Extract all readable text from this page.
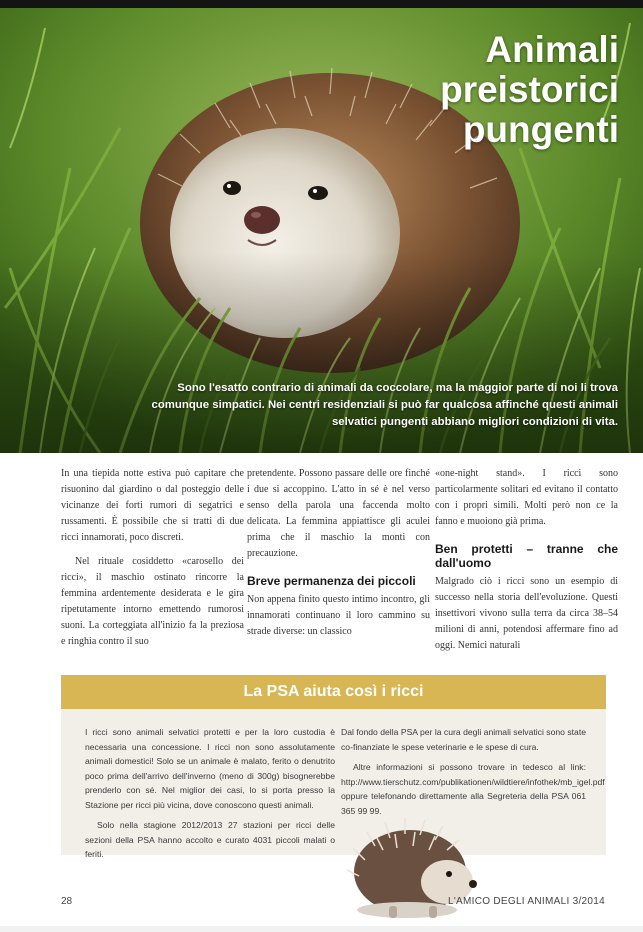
Animali
preistorici
pungenti
Sono l'esatto contrario di animali da coccolare, ma la maggior parte di noi li trova comunque simpatici. Nei centri residenziali si può far qualcosa affinché questi animali selvatici pungenti abbiano migliori condizioni di vita.

In una tiepida notte estiva può capitare che risuonino dal giardino o dal posteggio delle vicinanze dei forti rumori di segatrici e russamenti. È possibile che si tratti di due ricci innamorati, poco discreti.

Nel rituale cosiddetto «carosello dei ricci», il maschio ostinato rincorre la femmina ardentemente desiderata e le gira ripetutamente intorno emettendo rumorosi suoni. La corteggiata all'inizio fa la preziosa e ringhia contro il suo

pretendente. Possono passare delle ore finché i due si accoppino. L'atto in sé è nel verso senso della parola una faccenda molto delicata. La femmina appiattisce gli aculei prima che il maschio la monti con precauzione.

Breve permanenza dei piccoli

Non appena finito questo intimo incontro, gli innamorati continuano il loro cammino su strade diverse: un classico

«one-night stand». I ricci sono particolarmente solitari ed evitano il contatto con i propri simili. Molti però non ce la fanno e muoiono già prima.

Ben protetti – tranne che dall'uomo

Malgrado ciò i ricci sono un esempio di successo nella storia dell'evoluzione. Questi insettivori vivono sulla terra da circa 38–54 milioni di anni, potendosi affermare fino ad oggi. Nemici naturali

La PSA aiuta così i ricci

I ricci sono animali selvatici protetti e per la loro custodia è necessaria una concessione. I ricci non sono assolutamente animali domestici! Solo se un animale è malato, ferito o denutrito poco prima dell'arrivo dell'inverno (meno di 300g) bisognerebbe prenderlo con sé. Nel miglior dei casi, lo si porta presso la Stazione per ricci più vicina, dove conoscono questi animali.

Solo nella stagione 2012/2013 27 stazioni per ricci delle sezioni della PSA hanno accolto e curato 4031 piccoli malati o feriti.

Dal fondo della PSA per la cura degli animali selvatici sono state co-finanziate le spese veterinarie e le spese di cura.

Altre informazioni si possono trovare in tedesco al link: http://www.tierschutz.com/publikationen/wildtiere/infothek/mb_igel.pdf oppure telefonando direttamente alla Segreteria della PSA 061 365 99 99.

28	L'AMICO DEGLI ANIMALI 3/2014
